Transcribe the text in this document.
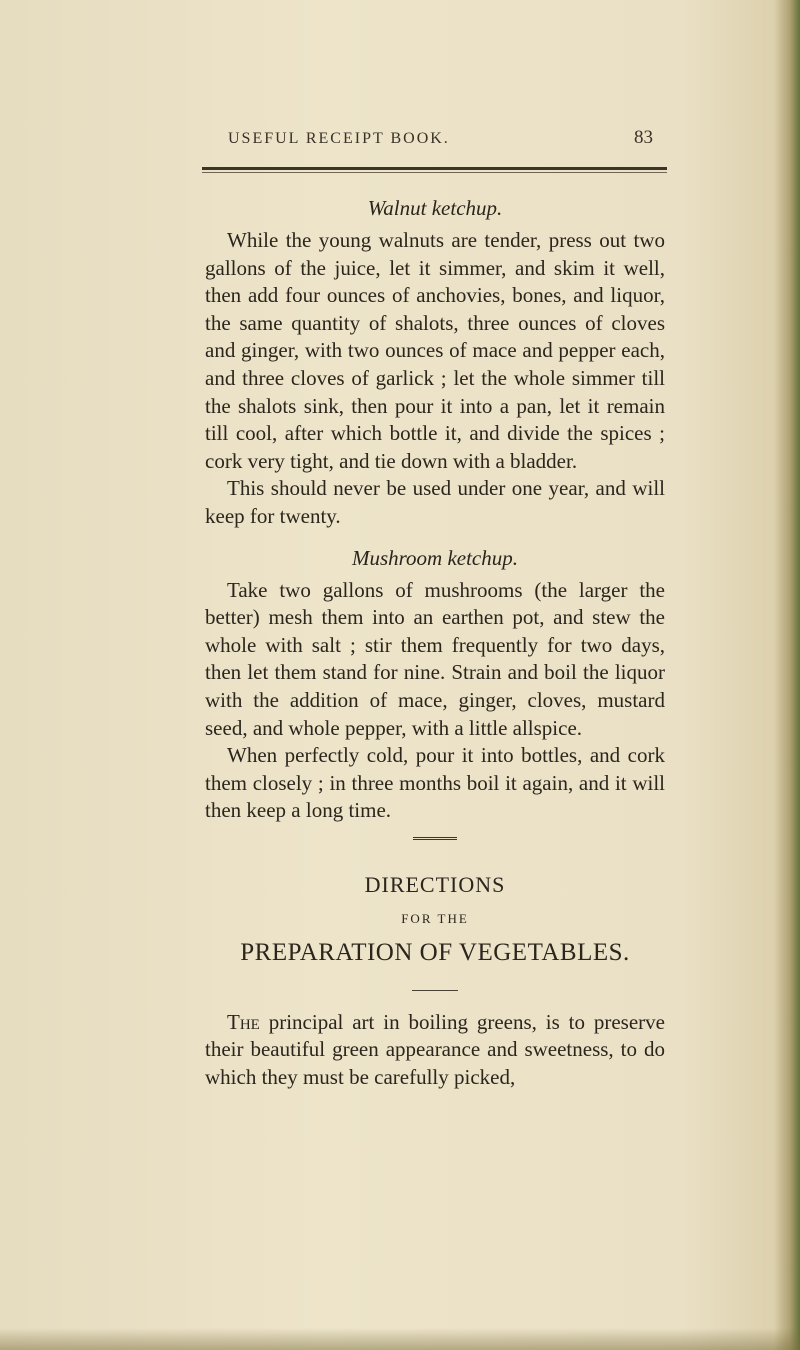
USEFUL RECEIPT BOOK.	83
Walnut ketchup.

While the young walnuts are tender, press out two gallons of the juice, let it simmer, and skim it well, then add four ounces of anchovies, bones, and liquor, the same quantity of shalots, three ounces of cloves and ginger, with two ounces of mace and pepper each, and three cloves of garlick ; let the whole simmer till the shalots sink, then pour it into a pan, let it remain till cool, after which bottle it, and divide the spices ; cork very tight, and tie down with a bladder.

This should never be used under one year, and will keep for twenty.

Mushroom ketchup.

Take two gallons of mushrooms (the larger the better) mesh them into an earthen pot, and stew the whole with salt ; stir them frequently for two days, then let them stand for nine. Strain and boil the liquor with the addition of mace, ginger, cloves, mustard seed, and whole pepper, with a little allspice.

When perfectly cold, pour it into bottles, and cork them closely ; in three months boil it again, and it will then keep a long time.

DIRECTIONS
FOR THE
PREPARATION OF VEGETABLES.

The principal art in boiling greens, is to preserve their beautiful green appearance and sweetness, to do which they must be carefully picked,
